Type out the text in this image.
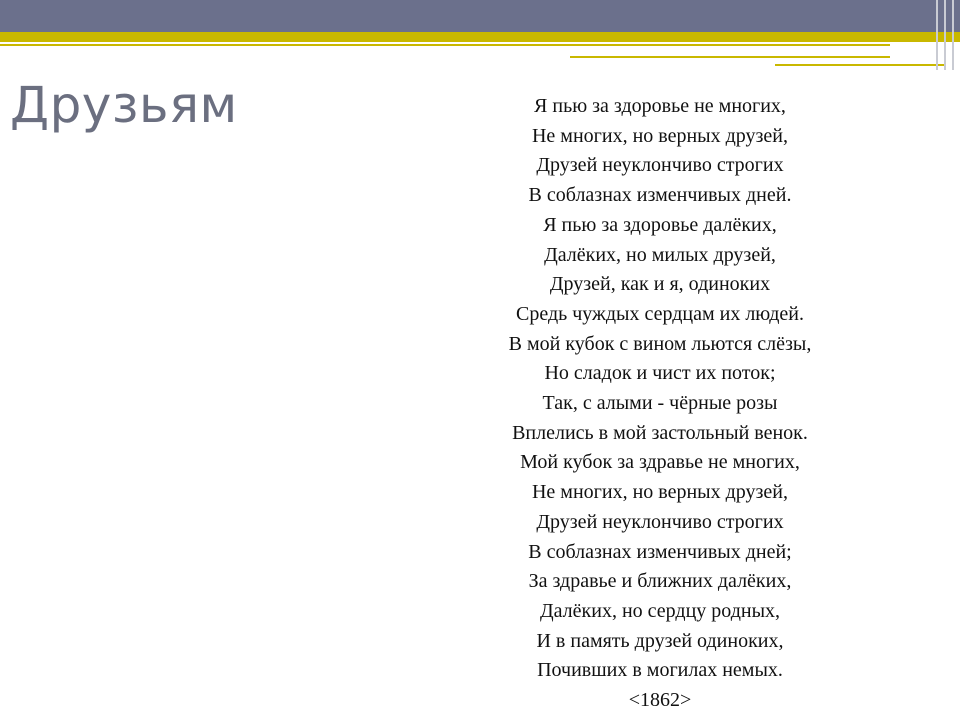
Друзьям	Я пью за здоровье не многих,
Не многих, но верных друзей,
Друзей неуклончиво строгих
В соблазнах изменчивых дней.
Я пью за здоровье далёких,
Далёких, но милых друзей,
Друзей, как и я, одиноких
Средь чуждых сердцам их людей.
В мой кубок с вином льются слёзы,
Но сладок и чист их поток;
Так, с алыми - чёрные розы
Вплелись в мой застольный венок.
Мой кубок за здравье не многих,
Не многих, но верных друзей,
Друзей неуклончиво строгих
В соблазнах изменчивых дней;
За здравье и ближних далёких,
Далёких, но сердцу родных,
И в память друзей одиноких,
Почивших в могилах немых.
<1862>
